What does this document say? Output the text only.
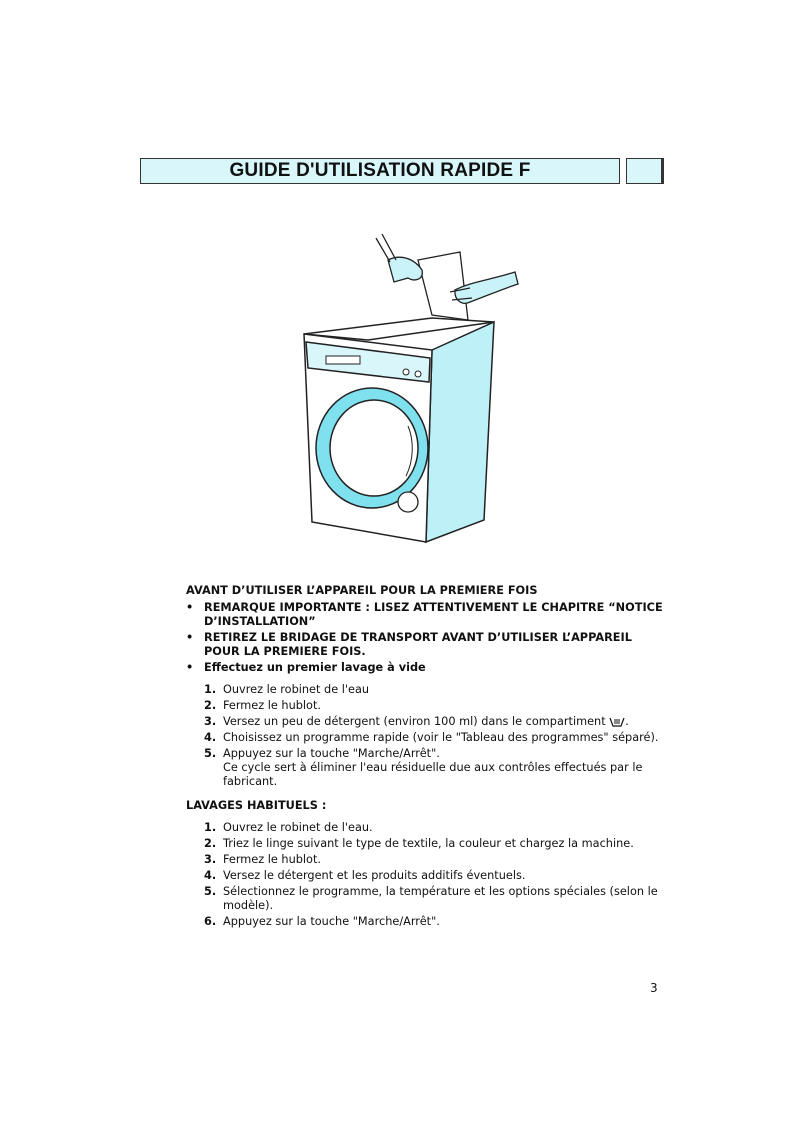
GUIDE D'UTILISATION RAPIDE F
AVANT D’UTILISER L’APPAREIL POUR LA PREMIERE FOIS
• REMARQUE IMPORTANTE : LISEZ ATTENTIVEMENT LE CHAPITRE “NOTICE D’INSTALLATION”
• RETIREZ LE BRIDAGE DE TRANSPORT AVANT D’UTILISER L’APPAREIL POUR LA PREMIERE FOIS.
• Effectuez un premier lavage à vide
1. Ouvrez le robinet de l'eau
2. Fermez le hublot.
3. Versez un peu de détergent (environ 100 ml) dans le compartiment .
4. Choisissez un programme rapide (voir le "Tableau des programmes" séparé).
5. Appuyez sur la touche "Marche/Arrêt".
Ce cycle sert à éliminer l'eau résiduelle due aux contrôles effectués par le fabricant.
LAVAGES HABITUELS :
1. Ouvrez le robinet de l'eau.
2. Triez le linge suivant le type de textile, la couleur et chargez la machine.
3. Fermez le hublot.
4. Versez le détergent et les produits additifs éventuels.
5. Sélectionnez le programme, la température et les options spéciales (selon le modèle).
6. Appuyez sur la touche "Marche/Arrêt".
3
